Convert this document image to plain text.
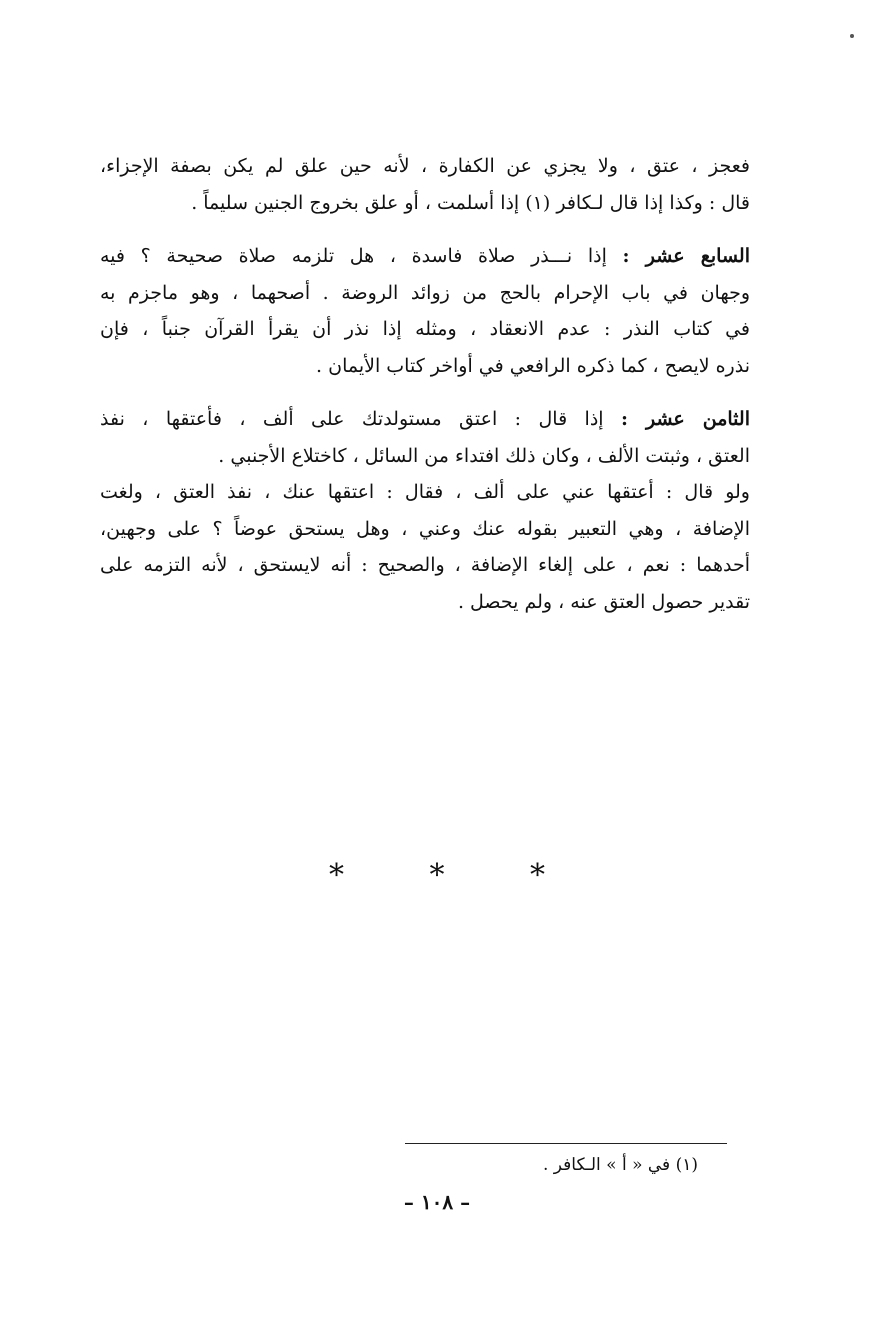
فعجز ، عتق ، ولا يجزي عن الكفارة ، لأنه حين علق لم يكن بصفة الإجزاء،
قال : وكذا إذا قال لـكافر (١) إذا أسلمت ، أو علق بخروج الجنين سليماً .
السابع عشر : إذا نـــذر صلاة فاسدة ، هل تلزمه صلاة صحيحة ؟ فيه
وجهان في باب الإحرام بالحج من زوائد الروضة . أصحهما ، وهو ماجزم به
في كتاب النذر : عدم الانعقاد ، ومثله إذا نذر أن يقرأ القرآن جنباً ، فإن
نذره لايصح ، كما ذكره الرافعي في أواخر كتاب الأيمان .
الثامن عشر : إذا قال : اعتق مستولدتك على ألف ، فأعتقها ، نفذ
العتق ، وثبتت الألف ، وكان ذلك افتداء من السائل ، كاختلاع الأجنبي .
ولو قال : أعتقها عني على ألف ، فقال : اعتقها عنك ، نفذ العتق ، ولغت
الإضافة ، وهي التعبير بقوله عنك وعني ، وهل يستحق عوضاً ؟ على وجهين،
أحدهما : نعم ، على إلغاء الإضافة ، والصحيح : أنه لايستحق ، لأنه التزمه على
تقدير حصول العتق عنه ، ولم يحصل .
* * *
(١) في « أ » الـكافر .
– ١٠٨ –
